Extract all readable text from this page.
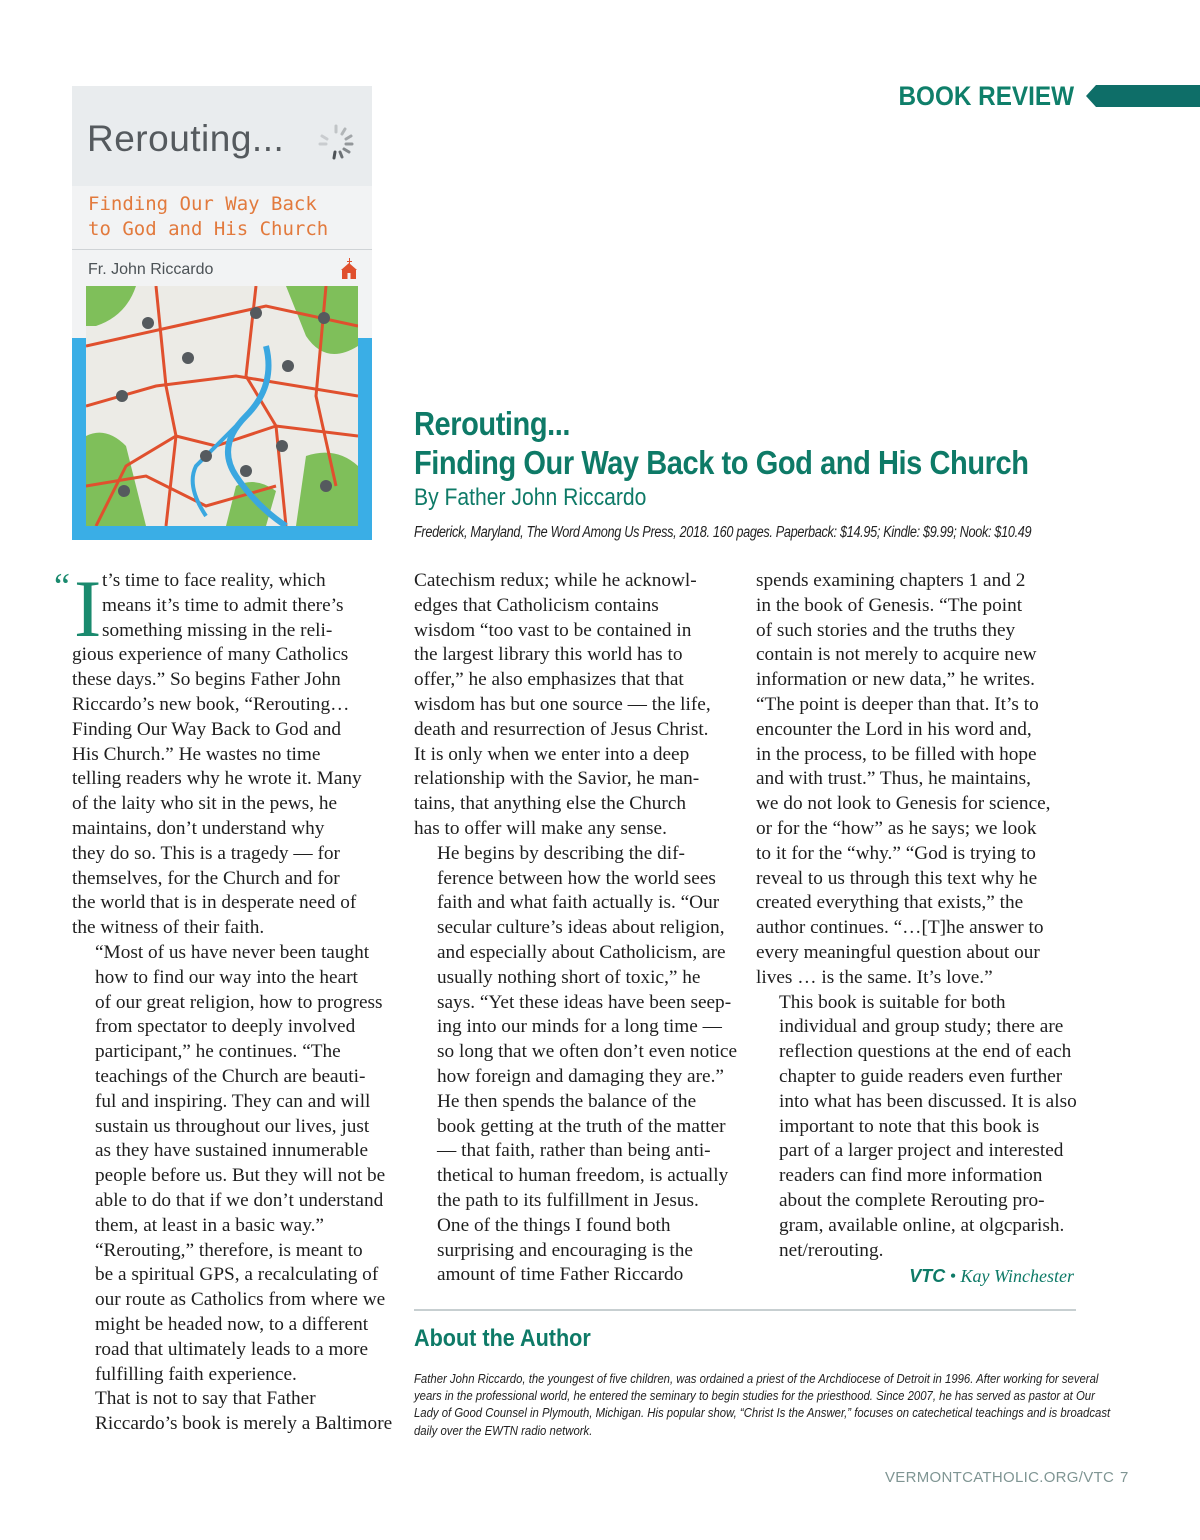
BOOK REVIEW
Rerouting...
Finding Our Way Back
to God and His Church
Fr. John Riccardo
Rerouting...
Finding Our Way Back to God and His Church
By Father John Riccardo
Frederick, Maryland, The Word Among Us Press, 2018. 160 pages. Paperback: $14.95; Kindle: $9.99; Nook: $10.49
“ I t’s time to face reality, which
means it’s time to admit there’s
something missing in the reli-
gious experience of many Catholics
these days.” So begins Father John
Riccardo’s new book, “Rerouting…
Finding Our Way Back to God and
His Church.” He wastes no time
telling readers why he wrote it. Many
of the laity who sit in the pews, he
maintains, don’t understand why
they do so. This is a tragedy — for
themselves, for the Church and for
the world that is in desperate need of
the witness of their faith.

“Most of us have never been taught
how to find our way into the heart
of our great religion, how to progress
from spectator to deeply involved
participant,” he continues. “The
teachings of the Church are beauti-
ful and inspiring. They can and will
sustain us throughout our lives, just
as they have sustained innumerable
people before us. But they will not be
able to do that if we don’t understand
them, at least in a basic way.”

“Rerouting,” therefore, is meant to
be a spiritual GPS, a recalculating of
our route as Catholics from where we
might be headed now, to a different
road that ultimately leads to a more
fulfilling faith experience.

That is not to say that Father
Riccardo’s book is merely a Baltimore

Catechism redux; while he acknowl-
edges that Catholicism contains
wisdom “too vast to be contained in
the largest library this world has to
offer,” he also emphasizes that that
wisdom has but one source — the life,
death and resurrection of Jesus Christ.
It is only when we enter into a deep
relationship with the Savior, he man-
tains, that anything else the Church
has to offer will make any sense.

He begins by describing the dif-
ference between how the world sees
faith and what faith actually is. “Our
secular culture’s ideas about religion,
and especially about Catholicism, are
usually nothing short of toxic,” he
says. “Yet these ideas have been seep-
ing into our minds for a long time —
so long that we often don’t even notice
how foreign and damaging they are.”

He then spends the balance of the
book getting at the truth of the matter
— that faith, rather than being anti-
thetical to human freedom, is actually
the path to its fulfillment in Jesus.

One of the things I found both
surprising and encouraging is the
amount of time Father Riccardo

spends examining chapters 1 and 2
in the book of Genesis. “The point
of such stories and the truths they
contain is not merely to acquire new
information or new data,” he writes.
“The point is deeper than that. It’s to
encounter the Lord in his word and,
in the process, to be filled with hope
and with trust.” Thus, he maintains,
we do not look to Genesis for science,
or for the “how” as he says; we look
to it for the “why.” “God is trying to
reveal to us through this text why he
created everything that exists,” the
author continues. “…[T]he answer to
every meaningful question about our
lives … is the same. It’s love.”

This book is suitable for both
individual and group study; there are
reflection questions at the end of each
chapter to guide readers even further
into what has been discussed. It is also
important to note that this book is
part of a larger project and interested
readers can find more information
about the complete Rerouting pro-
gram, available online, at olgcparish.
net/rerouting.

VTC • Kay Winchester
About the Author
Father John Riccardo, the youngest of five children, was ordained a priest of the Archdiocese of Detroit in 1996. After working for several
years in the professional world, he entered the seminary to begin studies for the priesthood. Since 2007, he has served as pastor at Our
Lady of Good Counsel in Plymouth, Michigan. His popular show, “Christ Is the Answer,” focuses on catechetical teachings and is broadcast
daily over the EWTN radio network.
VERMONTCATHOLIC.ORG/VTC 7
